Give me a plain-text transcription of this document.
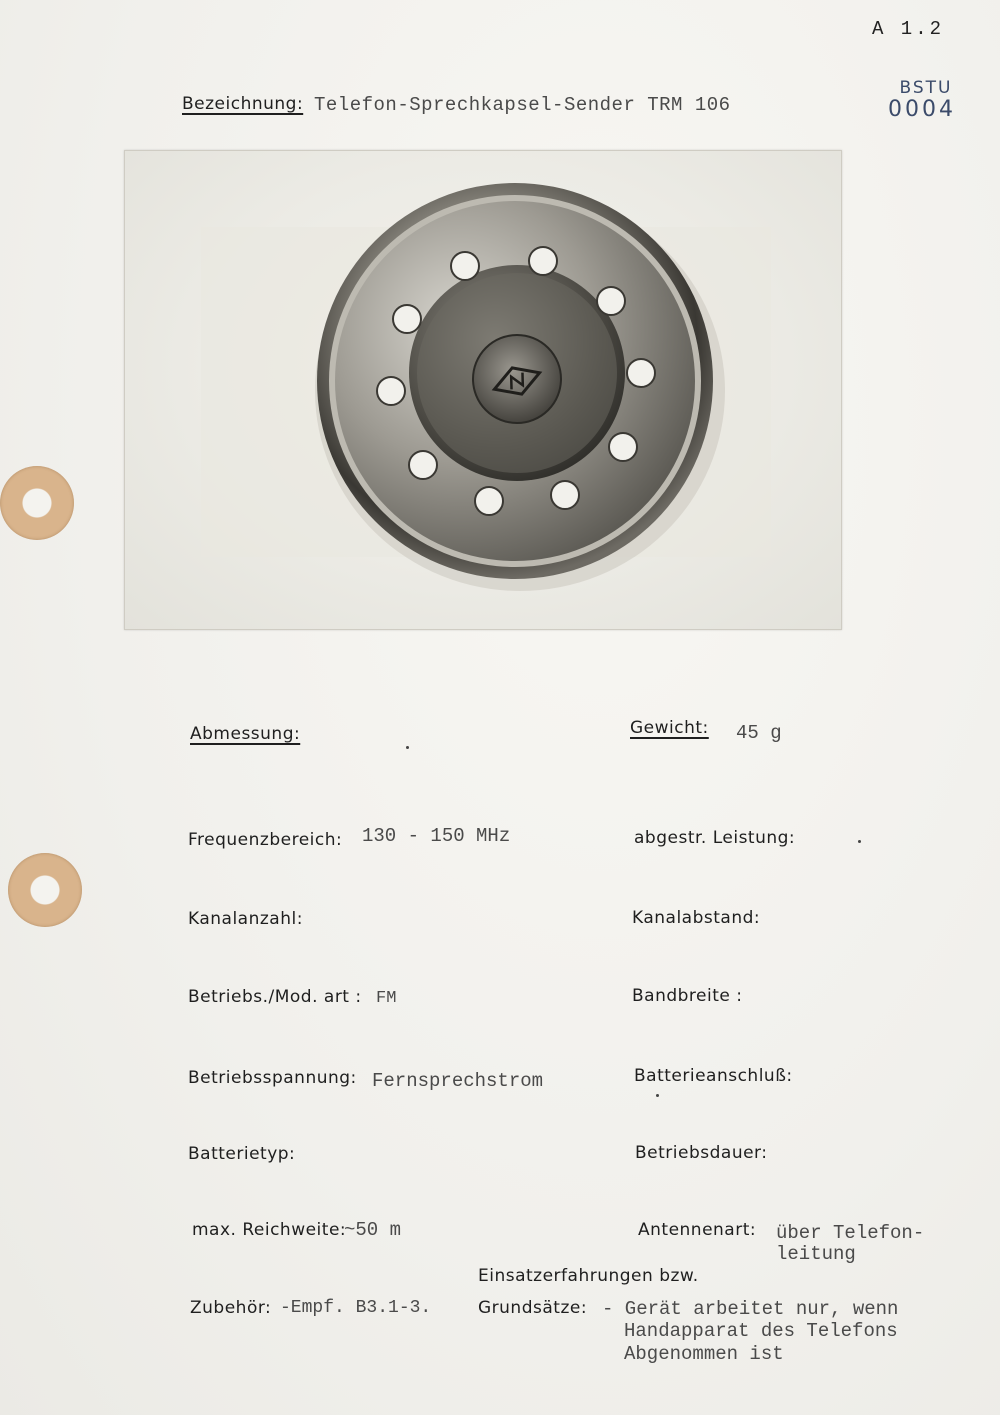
A 1.2
BSTU
0004
Bezeichnung: Telefon-Sprechkapsel-Sender TRM 106
Abmessung:
Frequenzbereich: 130 - 150 MHz
Kanalanzahl:
Betriebs./Mod. art : FM
Betriebsspannung: Fernsprechstrom
Batterietyp:
max. Reichweite:
~50 m
Zubehör: -Empf. B3.1-3.
Gewicht: 45 g
abgestr. Leistung:
Kanalabstand:
Bandbreite :
Batterieanschluß:
Betriebsdauer:
Antennenart: über Telefon-
leitung
Einsatzerfahrungen bzw.
Grundsätze: - Gerät arbeitet nur, wenn
Handapparat des Telefons
Abgenommen ist
